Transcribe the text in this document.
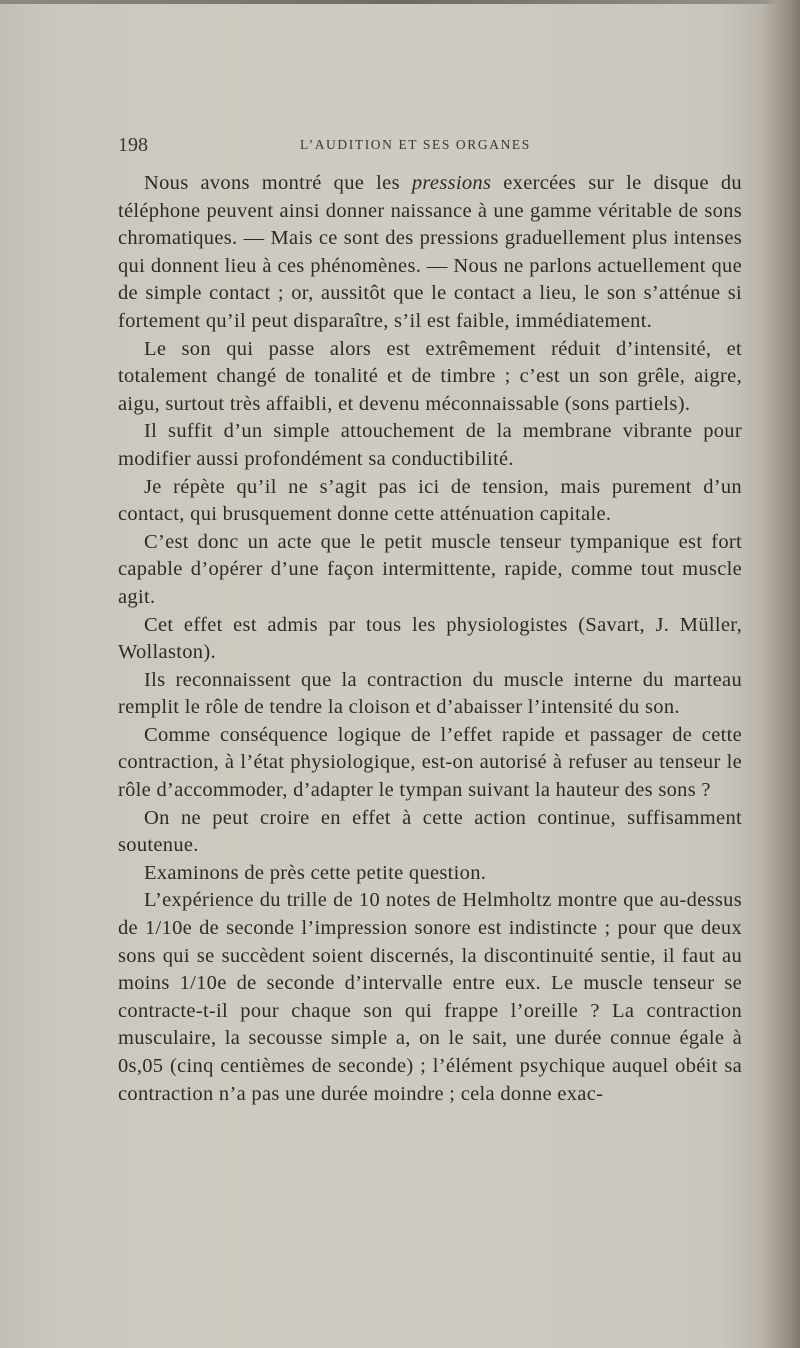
198	L’AUDITION ET SES ORGANES

Nous avons montré que les pressions exercées sur le disque du téléphone peuvent ainsi donner naissance à une gamme véritable de sons chromatiques. — Mais ce sont des pressions graduellement plus intenses qui donnent lieu à ces phénomènes. — Nous ne parlons actuellement que de simple contact ; or, aussitôt que le contact a lieu, le son s’atténue si fortement qu’il peut disparaître, s’il est faible, immédiatement.

Le son qui passe alors est extrêmement réduit d’intensité, et totalement changé de tonalité et de timbre ; c’est un son grêle, aigre, aigu, surtout très affaibli, et devenu méconnaissable (sons partiels).

Il suffit d’un simple attouchement de la membrane vibrante pour modifier aussi profondément sa conductibilité.

Je répète qu’il ne s’agit pas ici de tension, mais purement d’un contact, qui brusquement donne cette atténuation capitale.

C’est donc un acte que le petit muscle tenseur tympanique est fort capable d’opérer d’une façon intermittente, rapide, comme tout muscle agit.

Cet effet est admis par tous les physiologistes (Savart, J. Müller, Wollaston).

Ils reconnaissent que la contraction du muscle interne du marteau remplit le rôle de tendre la cloison et d’abaisser l’intensité du son.

Comme conséquence logique de l’effet rapide et passager de cette contraction, à l’état physiologique, est-on autorisé à refuser au tenseur le rôle d’accommoder, d’adapter le tympan suivant la hauteur des sons ?

On ne peut croire en effet à cette action continue, suffisamment soutenue.

Examinons de près cette petite question.

L’expérience du trille de 10 notes de Helmholtz montre que au-dessus de 1/10e de seconde l’impression sonore est indistincte ; pour que deux sons qui se succèdent soient discernés, la discontinuité sentie, il faut au moins 1/10e de seconde d’intervalle entre eux. Le muscle tenseur se contracte-t-il pour chaque son qui frappe l’oreille ? La contraction musculaire, la secousse simple a, on le sait, une durée connue égale à 0s,05 (cinq centièmes de seconde) ; l’élément psychique auquel obéit sa contraction n’a pas une durée moindre ; cela donne exac-
